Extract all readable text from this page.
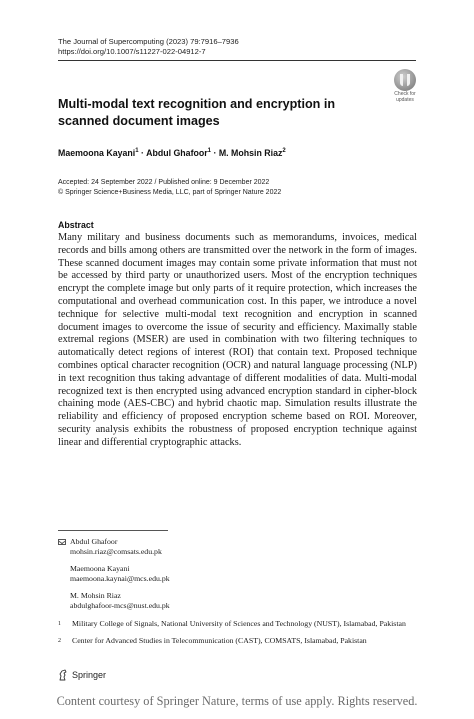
The Journal of Supercomputing (2023) 79:7916–7936
https://doi.org/10.1007/s11227-022-04912-7
Check for
updates
Multi-modal text recognition and encryption in scanned document images
Maemoona Kayani$^1$ · Abdul Ghafoor$^1$ · M. Mohsin Riaz$^2$
Accepted: 24 September 2022 / Published online: 9 December 2022
© Springer Science+Business Media, LLC, part of Springer Nature 2022
Abstract
Many military and business documents such as memorandums, invoices, medical records and bills among others are transmitted over the network in the form of images. These scanned document images may contain some private information that must not be accessed by third party or unauthorized users. Most of the encryption techniques encrypt the complete image but only parts of it require protection, which increases the computational and overhead communication cost. In this paper, we introduce a novel technique for selective multi-modal text recognition and encryption in scanned document images to overcome the issue of security and efficiency. Maximally stable extremal regions (MSER) are used in combination with two filtering techniques to automatically detect regions of interest (ROI) that contain text. Proposed technique combines optical character recognition (OCR) and natural language processing (NLP) in text recognition thus taking advantage of different modalities of data. Multi-modal recognized text is then encrypted using advanced encryption standard in cipher-block chaining mode (AES-CBC) and hybrid chaotic map. Simulation results illustrate the reliability and efficiency of proposed encryption scheme based on ROI. Moreover, security analysis exhibits the robustness of proposed encryption technique against linear and differential cryptographic attacks.
Abdul Ghafoor
mohsin.riaz@comsats.edu.pk
Maemoona Kayani
maemoona.kaynai@mcs.edu.pk
M. Mohsin Riaz
abdulghafoor-mcs@nust.edu.pk
1	Military College of Signals, National University of Sciences and Technology (NUST), Islamabad, Pakistan
2	Center for Advanced Studies in Telecommunication (CAST), COMSATS, Islamabad, Pakistan
Springer
Content courtesy of Springer Nature, terms of use apply. Rights reserved.
